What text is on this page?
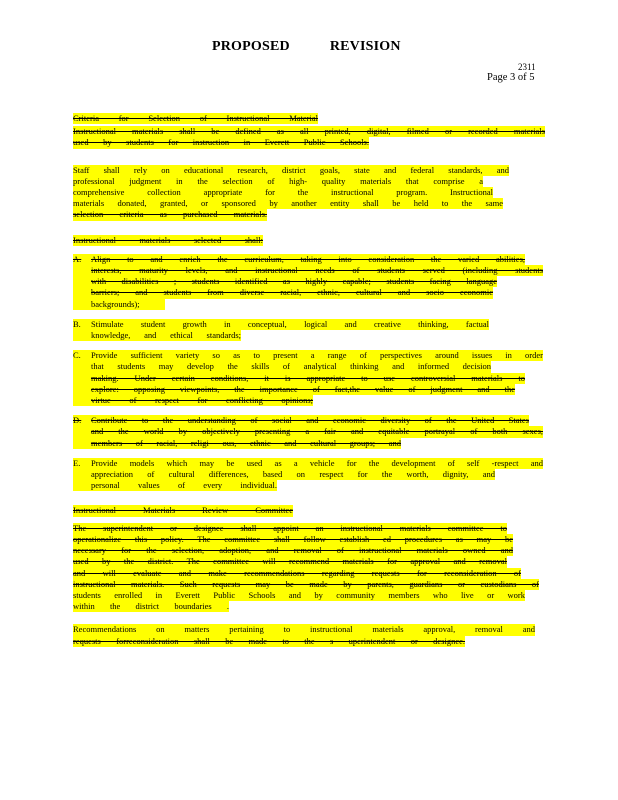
PROPOSED	REVISION
2311
Page 3 of 5
Criteria for Selection of Instructional Material
Instructional materials shall be defined as all printed, digital, filmed or recorded materials
used by students for instruction in Everett Public Schools.
Staff shall rely on educational research, district goals, state and federal standards, and
professional judgment in the selection of high- quality materials that comprise a
comprehensive collection appropriate for the instructional program. Instructional
materials donated, granted, or sponsored by another entity shall be held to the same
selection criteria as purchased materials.
Instructional materials selected shall:
A.	Align to and enrich the curriculum, taking into consideration the varied abilities,
interests, maturity levels, and instructional needs of students served (including students
with disabilities ; students identified as highly capable; students facing language
barriers; and students from diverse racial, ethnic, cultural and socio economic
backgrounds);
B.	Stimulate student growth in conceptual, logical and creative thinking, factual
knowledge, and ethical standards;
C.	Provide sufficient variety so as to present a range of perspectives around issues in order
that students may develop the skills of analytical thinking and informed decision
making. Under certain conditions, it is appropriate to use controversial materials to
explore: opposing viewpoints, the importance of fact,the value of judgment and the
virtue of respect for conflicting opinions;
D.	Contribute to the understanding of social and economic diversity of the United States
and the world by objectively presenting a fair and equitable portrayal of both sexes,
members of racial, religi ous, ethnic and cultural groups; and
E.	Provide models which may be used as a vehicle for the development of self -respect and
appreciation of cultural differences, based on respect for the worth, dignity, and
personal values of every individual.
Instructional Materials Review Committee
The superintendent or designee shall appoint an instructional materials committee to
operationalize this policy. The committee shall follow establish ed procedures as may be
necessary for the selection, adoption, and removal of instructional materials owned and
used by the district. The committee will recommend materials for approval and removal
and will evaluate and make recommendations regarding requests for reconsideration of
instructional materials. Such requests may be made by parents, guardians or custodians of
students enrolled in Everett Public Schools and by community members who live or work
within the district boundaries .
Recommendations on matters pertaining to instructional materials approval, removal and
requests forreconsideration shall be made to the s uperintendent or designee.
